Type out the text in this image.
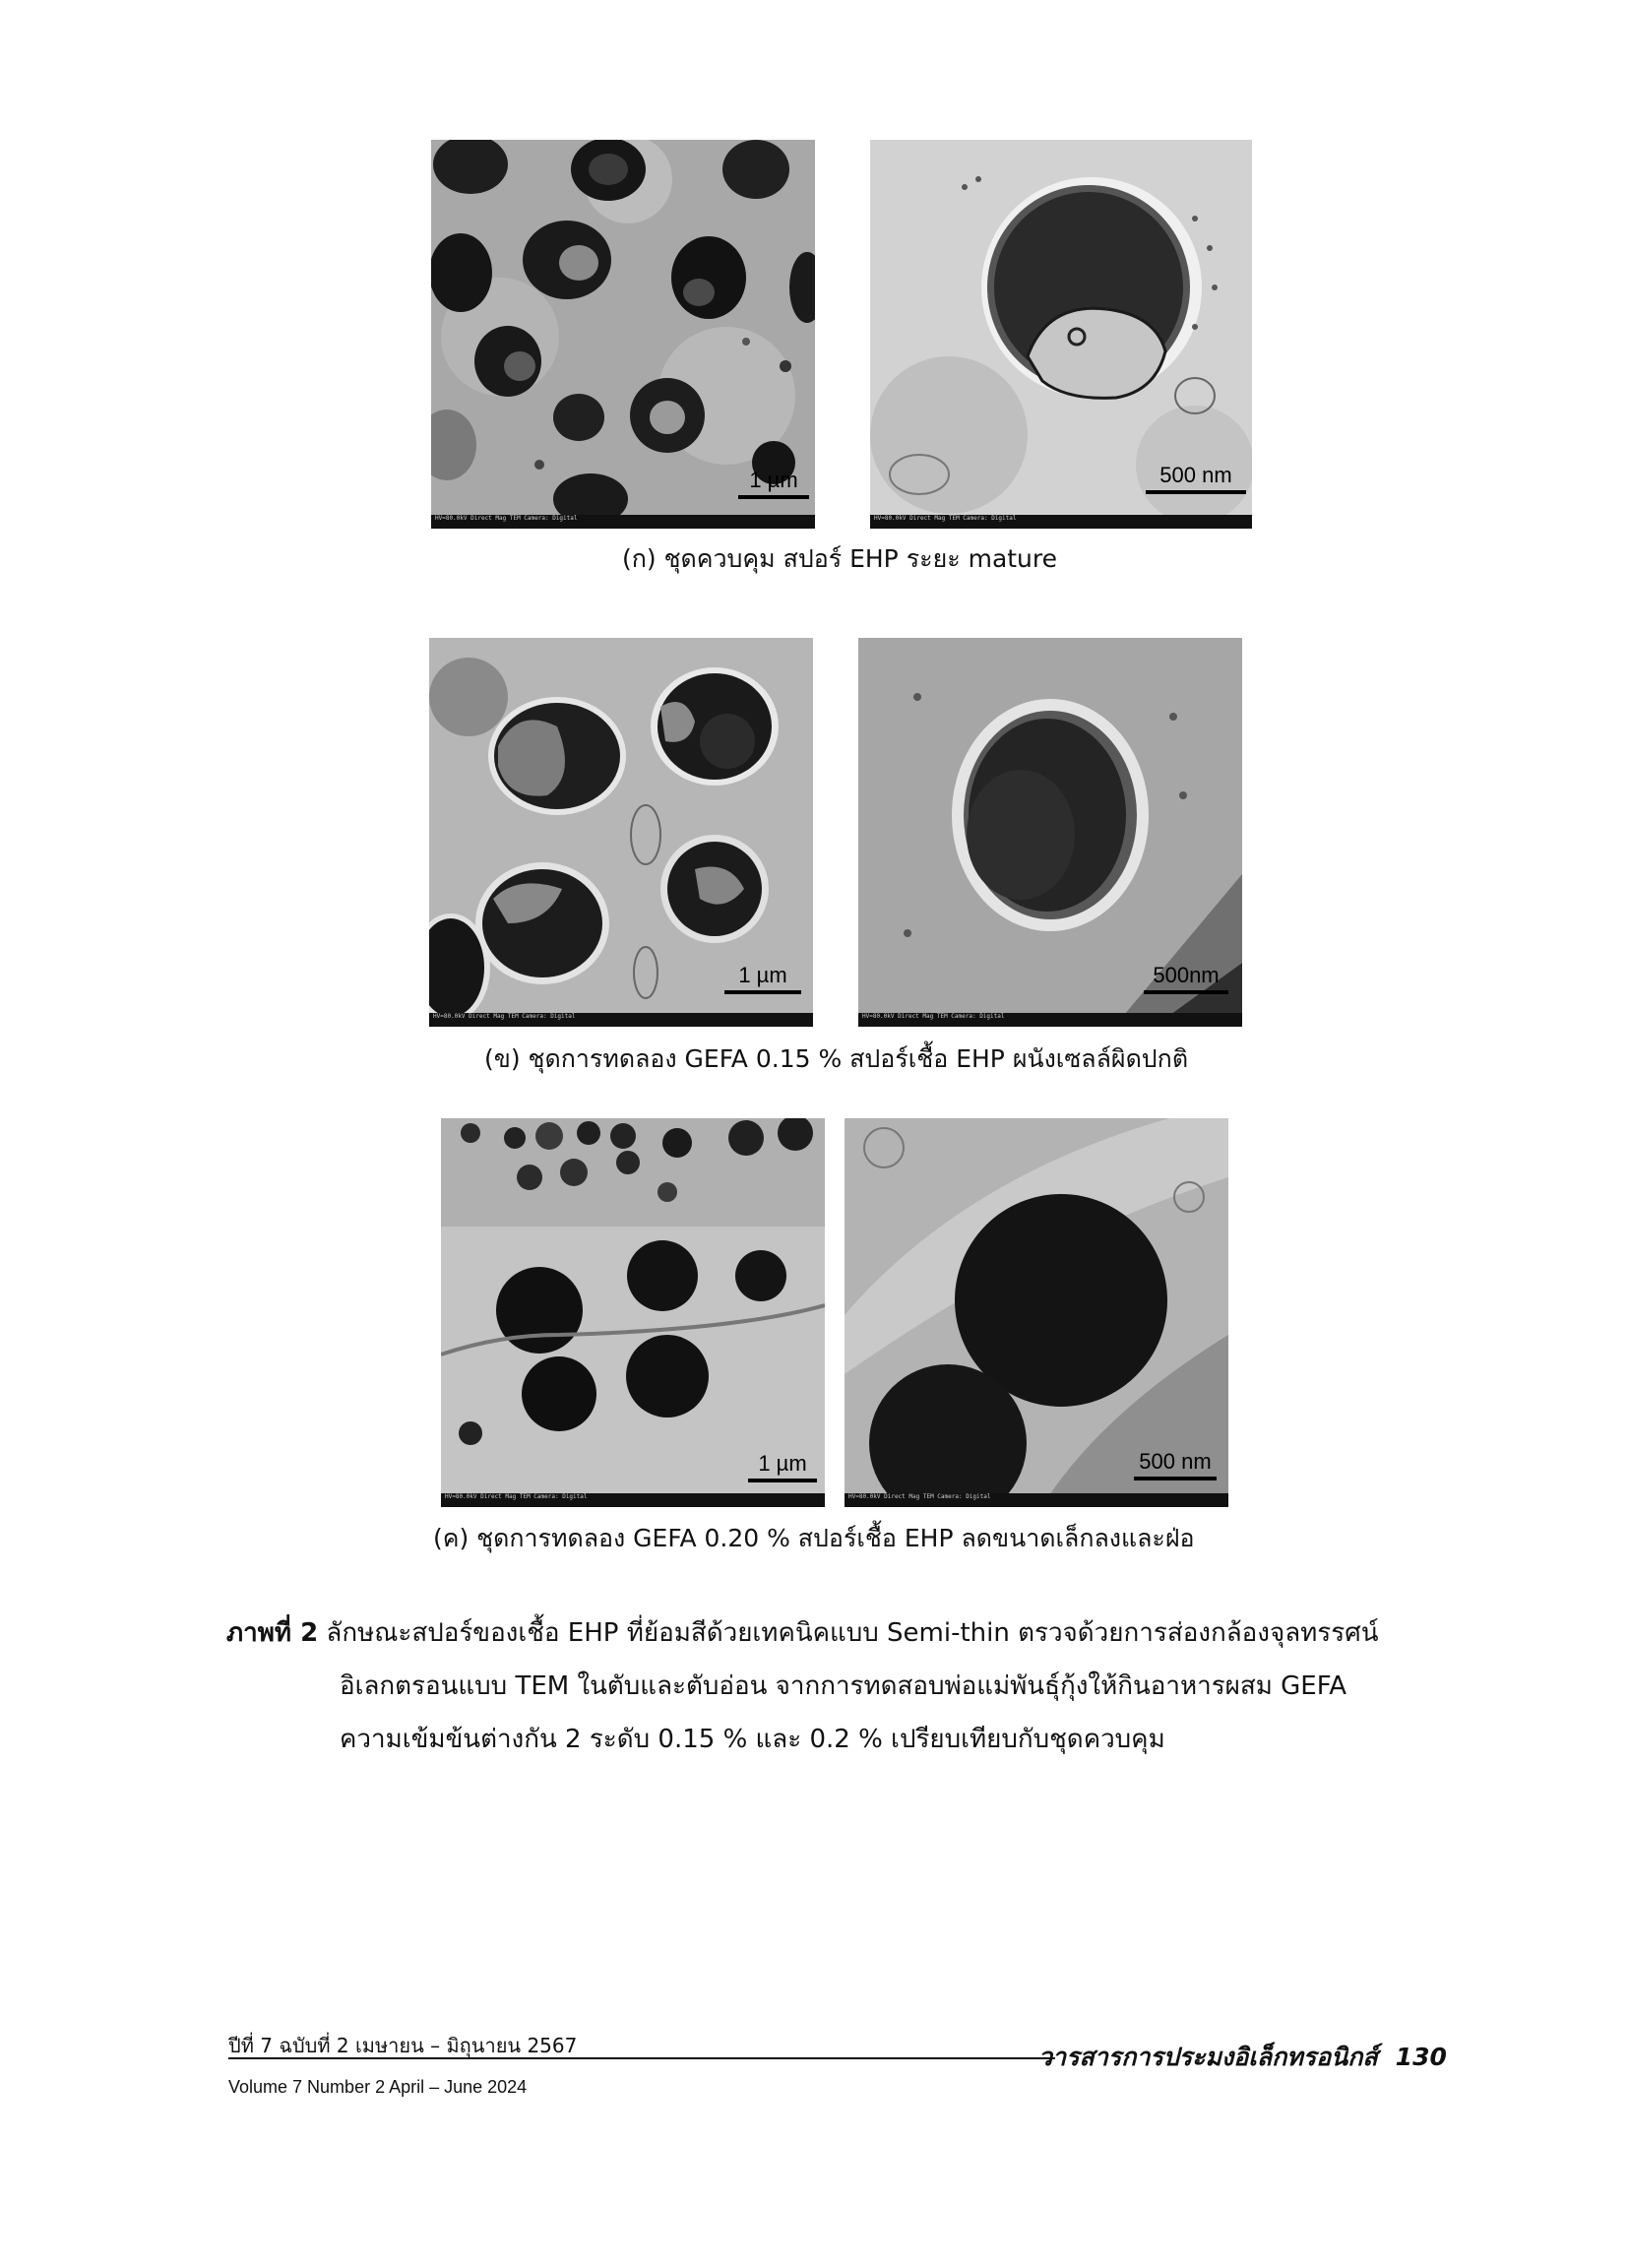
1 µm
HV=80.0kV Direct Mag TEM Camera: Digital
500 nm
HV=80.0kV Direct Mag TEM Camera: Digital
(ก) ชุดควบคุม สปอร์ EHP ระยะ mature
1 µm
HV=80.0kV Direct Mag TEM Camera: Digital
500nm
HV=80.0kV Direct Mag TEM Camera: Digital
(ข) ชุดการทดลอง GEFA 0.15 % สปอร์เชื้อ EHP ผนังเซลล์ผิดปกติ
1 µm
HV=80.0kV Direct Mag TEM Camera: Digital
500 nm
HV=80.0kV Direct Mag TEM Camera: Digital
(ค) ชุดการทดลอง GEFA 0.20 % สปอร์เชื้อ EHP ลดขนาดเล็กลงและฝ่อ
ภาพที่ 2 ลักษณะสปอร์ของเชื้อ EHP ที่ย้อมสีด้วยเทคนิคแบบ Semi-thin ตรวจด้วยการส่องกล้องจุลทรรศน์
อิเลกตรอนแบบ TEM ในตับและตับอ่อน จากการทดสอบพ่อแม่พันธุ์กุ้งให้กินอาหารผสม GEFA
ความเข้มข้นต่างกัน 2 ระดับ 0.15 % และ 0.2 % เปรียบเทียบกับชุดควบคุม
ปีที่ 7 ฉบับที่ 2 เมษายน – มิถุนายน 2567
Volume 7 Number 2 April – June 2024
วารสารการประมงอิเล็กทรอนิกส์ 130
